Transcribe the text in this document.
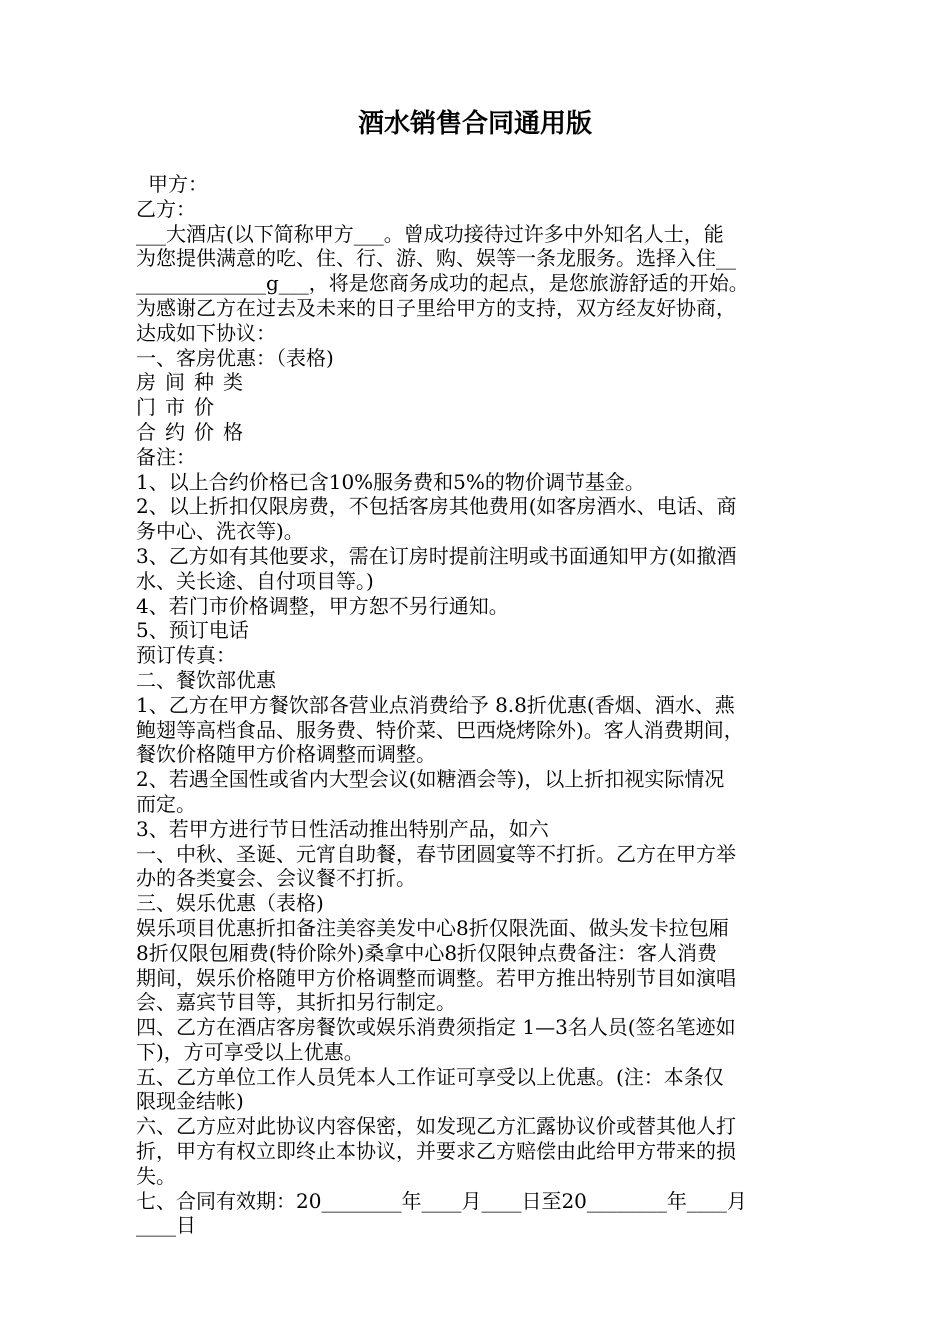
酒水销售合同通用版
甲方：
乙方：
___大酒店(以下简称甲方___。曾成功接待过许多中外知名人士，能
为您提供满意的吃、住、行、游、购、娱等一条龙服务。选择入住__
_____________g___，将是您商务成功的起点，是您旅游舒适的开始。
为感谢乙方在过去及未来的日子里给甲方的支持，双方经友好协商，
达成如下协议：
一、客房优惠：（表格)
房间种类
门市价
合约价格
备注：
1、以上合约价格已含10%服务费和5%的物价调节基金。
2、以上折扣仅限房费，不包括客房其他费用(如客房酒水、电话、商
务中心、洗衣等)。
3、乙方如有其他要求，需在订房时提前注明或书面通知甲方(如撤酒
水、关长途、自付项目等。)
4、若门市价格调整，甲方恕不另行通知。
5、预订电话
预订传真：
二、餐饮部优惠
1、乙方在甲方餐饮部各营业点消费给予 8.8折优惠(香烟、酒水、燕
鲍翅等高档食品、服务费、特价菜、巴西烧烤除外)。客人消费期间，
餐饮价格随甲方价格调整而调整。
2、若遇全国性或省内大型会议(如糖酒会等)，以上折扣视实际情况
而定。
3、若甲方进行节日性活动推出特别产品，如六
一、中秋、圣诞、元宵自助餐，春节团圆宴等不打折。乙方在甲方举
办的各类宴会、会议餐不打折。
三、娱乐优惠（表格)
娱乐项目优惠折扣备注美容美发中心8折仅限洗面、做头发卡拉包厢
8折仅限包厢费(特价除外)桑拿中心8折仅限钟点费备注：客人消费
期间，娱乐价格随甲方价格调整而调整。若甲方推出特别节目如演唱
会、嘉宾节目等，其折扣另行制定。
四、乙方在酒店客房餐饮或娱乐消费须指定 1—3名人员(签名笔迹如
下)，方可享受以上优惠。
五、乙方单位工作人员凭本人工作证可享受以上优惠。(注：本条仅
限现金结帐)
六、乙方应对此协议内容保密，如发现乙方汇露协议价或替其他人打
折，甲方有权立即终止本协议，并要求乙方赔偿由此给甲方带来的损
失。
七、合同有效期：20________年____月____日至20________年____月
____日
